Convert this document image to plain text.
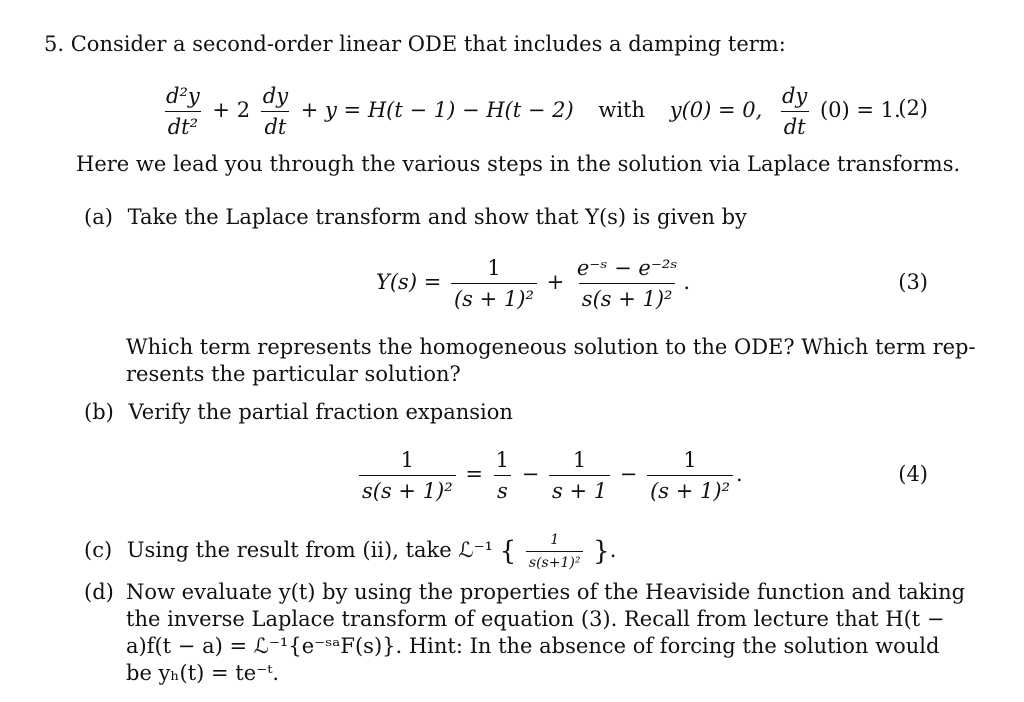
5. Consider a second-order linear ODE that includes a damping term:
$\frac{\text{d²y}}{\text{dt²}} + 2 \frac{dy}{dt} + y = H(t - 1) - H(t - 2)$ with y(0) = 0, $\frac{dy}{dt} (0) = 1$.
(2)
Here we lead you through the various steps in the solution via Laplace transforms.
(a) Take the Laplace transform and show that Y(s) is given by
$Y(s) = \frac{1}{\text{(s + 1)²}} + \frac{\text{e⁻ˢ − e⁻²ˢ}}{\text{s(s + 1)²}}$ .	(3)
Which term represents the homogeneous solution to the ODE? Which term rep-
resents the particular solution?
(b) Verify the partial fraction expansion
$\frac{1}{\text{s(s + 1)²}} = \frac{1}{s} - \frac{1}{s + 1} - \frac{1}{\text{(s + 1)²}}$ .	(4)
(c) Using the result from (ii), take ℒ⁻¹ { $\frac{1}{\text{s(s+1)²}}$ }.
(d) Now evaluate y(t) by using the properties of the Heaviside function and taking
the inverse Laplace transform of equation (3). Recall from lecture that H(t −
a)f(t − a) = ℒ⁻¹{e⁻ˢᵃF(s)}. Hint: In the absence of forcing the solution would
be yₕ(t) = te⁻ᵗ.
